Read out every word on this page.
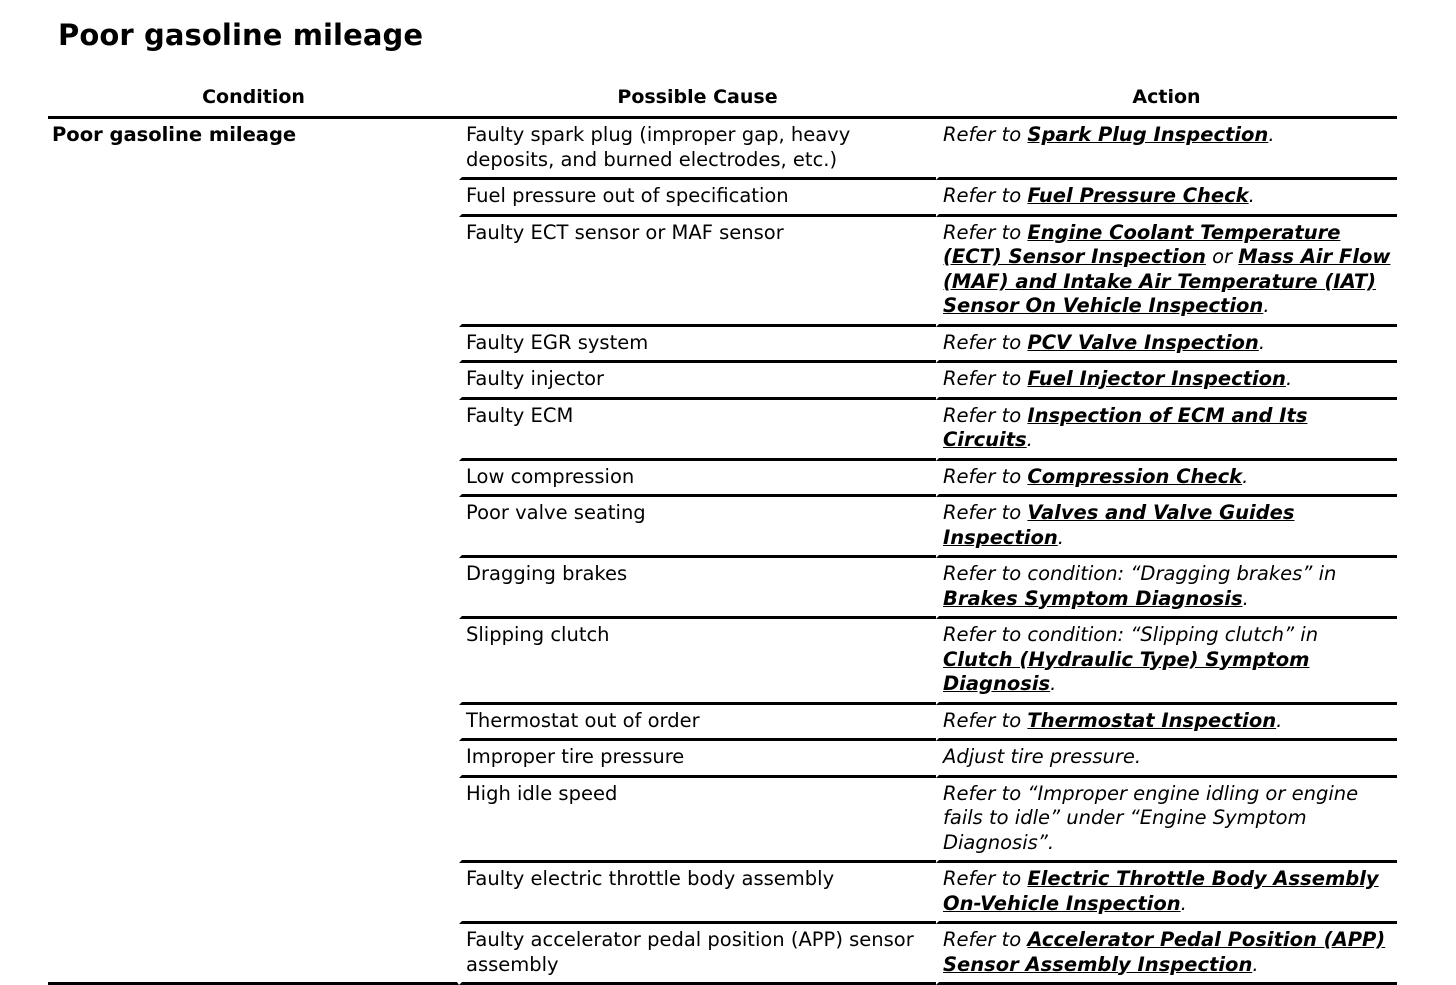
Poor gasoline mileage
Condition	Possible Cause	Action
Poor gasoline mileage	Faulty spark plug (improper gap, heavy deposits, and burned electrodes, etc.)	Refer to Spark Plug Inspection.
	Fuel pressure out of specification	Refer to Fuel Pressure Check.
	Faulty ECT sensor or MAF sensor	Refer to Engine Coolant Temperature (ECT) Sensor Inspection or Mass Air Flow (MAF) and Intake Air Temperature (IAT) Sensor On Vehicle Inspection.
	Faulty EGR system	Refer to PCV Valve Inspection.
	Faulty injector	Refer to Fuel Injector Inspection.
	Faulty ECM	Refer to Inspection of ECM and Its Circuits.
	Low compression	Refer to Compression Check.
	Poor valve seating	Refer to Valves and Valve Guides Inspection.
	Dragging brakes	Refer to condition: “Dragging brakes” in Brakes Symptom Diagnosis.
	Slipping clutch	Refer to condition: “Slipping clutch” in Clutch (Hydraulic Type) Symptom Diagnosis.
	Thermostat out of order	Refer to Thermostat Inspection.
	Improper tire pressure	Adjust tire pressure.
	High idle speed	Refer to “Improper engine idling or engine fails to idle” under “Engine Symptom Diagnosis”.
	Faulty electric throttle body assembly	Refer to Electric Throttle Body Assembly On-Vehicle Inspection.
	Faulty accelerator pedal position (APP) sensor assembly	Refer to Accelerator Pedal Position (APP) Sensor Assembly Inspection.
